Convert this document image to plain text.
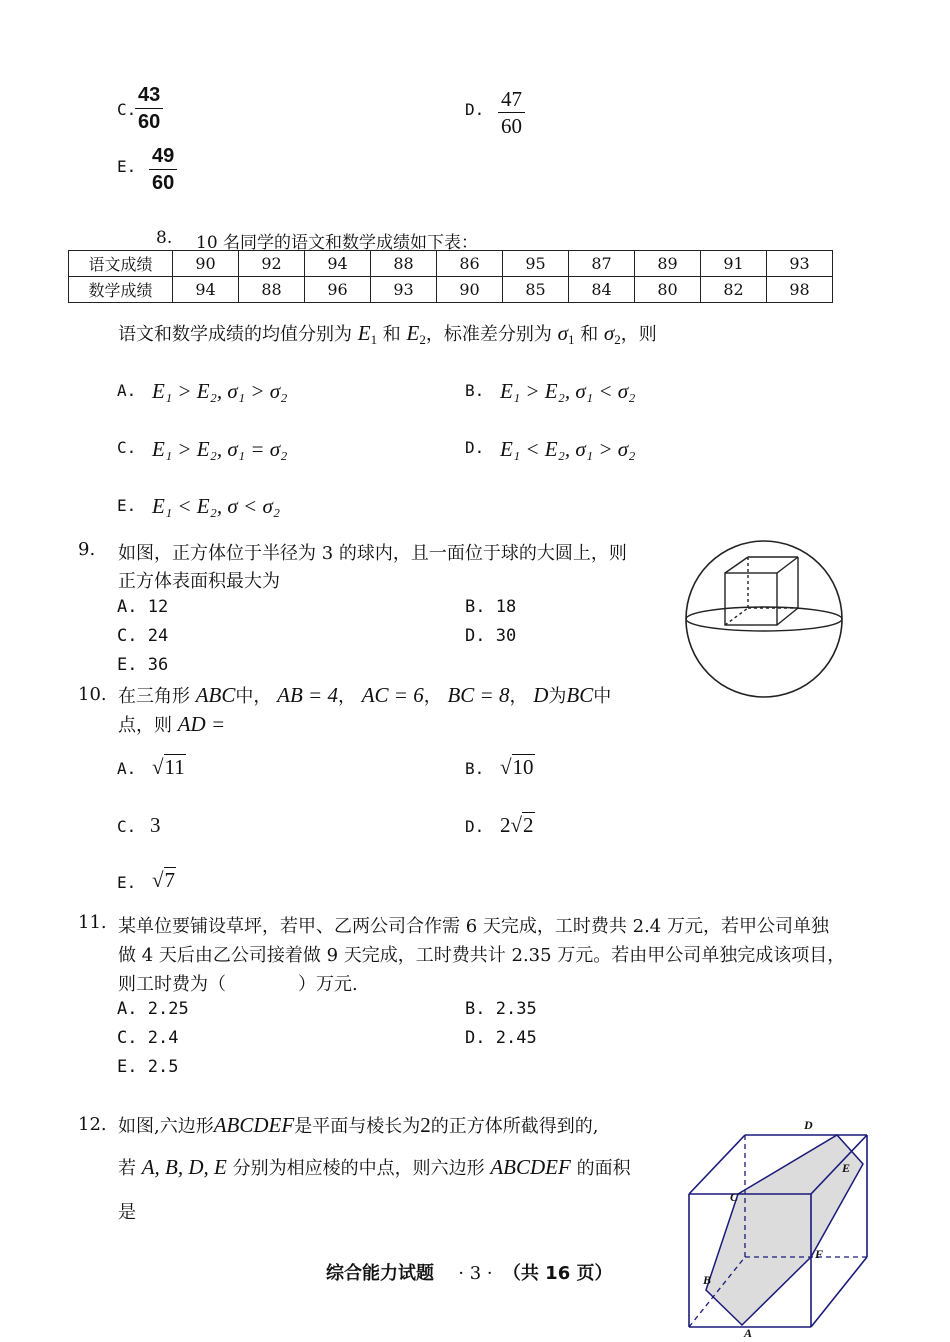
C.
$\frac{43}{60}$	D. $\frac{47}{60}$
E. $\frac{49}{60}$
8. 10 名同学的语文和数学成绩如下表：
语文成绩	90	92	94	88	86	95	87	89	91	93
数学成绩	94	88	96	93	90	85	84	80	82	98
语文和数学成绩的均值分别为 $E_1$ 和 $E_2$，标准差分别为 $\sigma_1$ 和 $\sigma_2$，则
A. E₁ > E₂, σ₁ > σ₂	B. E₁ > E₂, σ₁ < σ₂
C. E₁ > E₂, σ₁ = σ₂	D. E₁ < E₂, σ₁ > σ₂
E. E₁ < E₂, σ < σ₂
9. 如图，正方体位于半径为 3 的球内，且一面位于球的大圆上，则
正方体表面积最大为
A. 12	B. 18
C. 24	D. 30
E. 36
10. 在三角形 ABC中， AB = 4， AC = 6， BC = 8， D为BC中
点，则 AD =
A. √11	B. √10
C. 3	D. 2√2
E. √7
11. 某单位要铺设草坪，若甲、乙两公司合作需 6 天完成，工时费共 2.4 万元，若甲公司单独
做 4 天后由乙公司接着做 9 天完成，工时费共计 2.35 万元。若由甲公司单独完成该项目，
则工时费为（　　　　）万元.
A. 2.25	B. 2.35
C. 2.4	D. 2.45
E. 2.5
12. 如图,六边形ABCDEF是平面与棱长为2的正方体所截得到的,
若 A, B, D, E 分别为相应棱的中点，则六边形 ABCDEF 的面积
是
D
E
C
F
B
A
综合能力试题 · 3 · （共 16 页）
